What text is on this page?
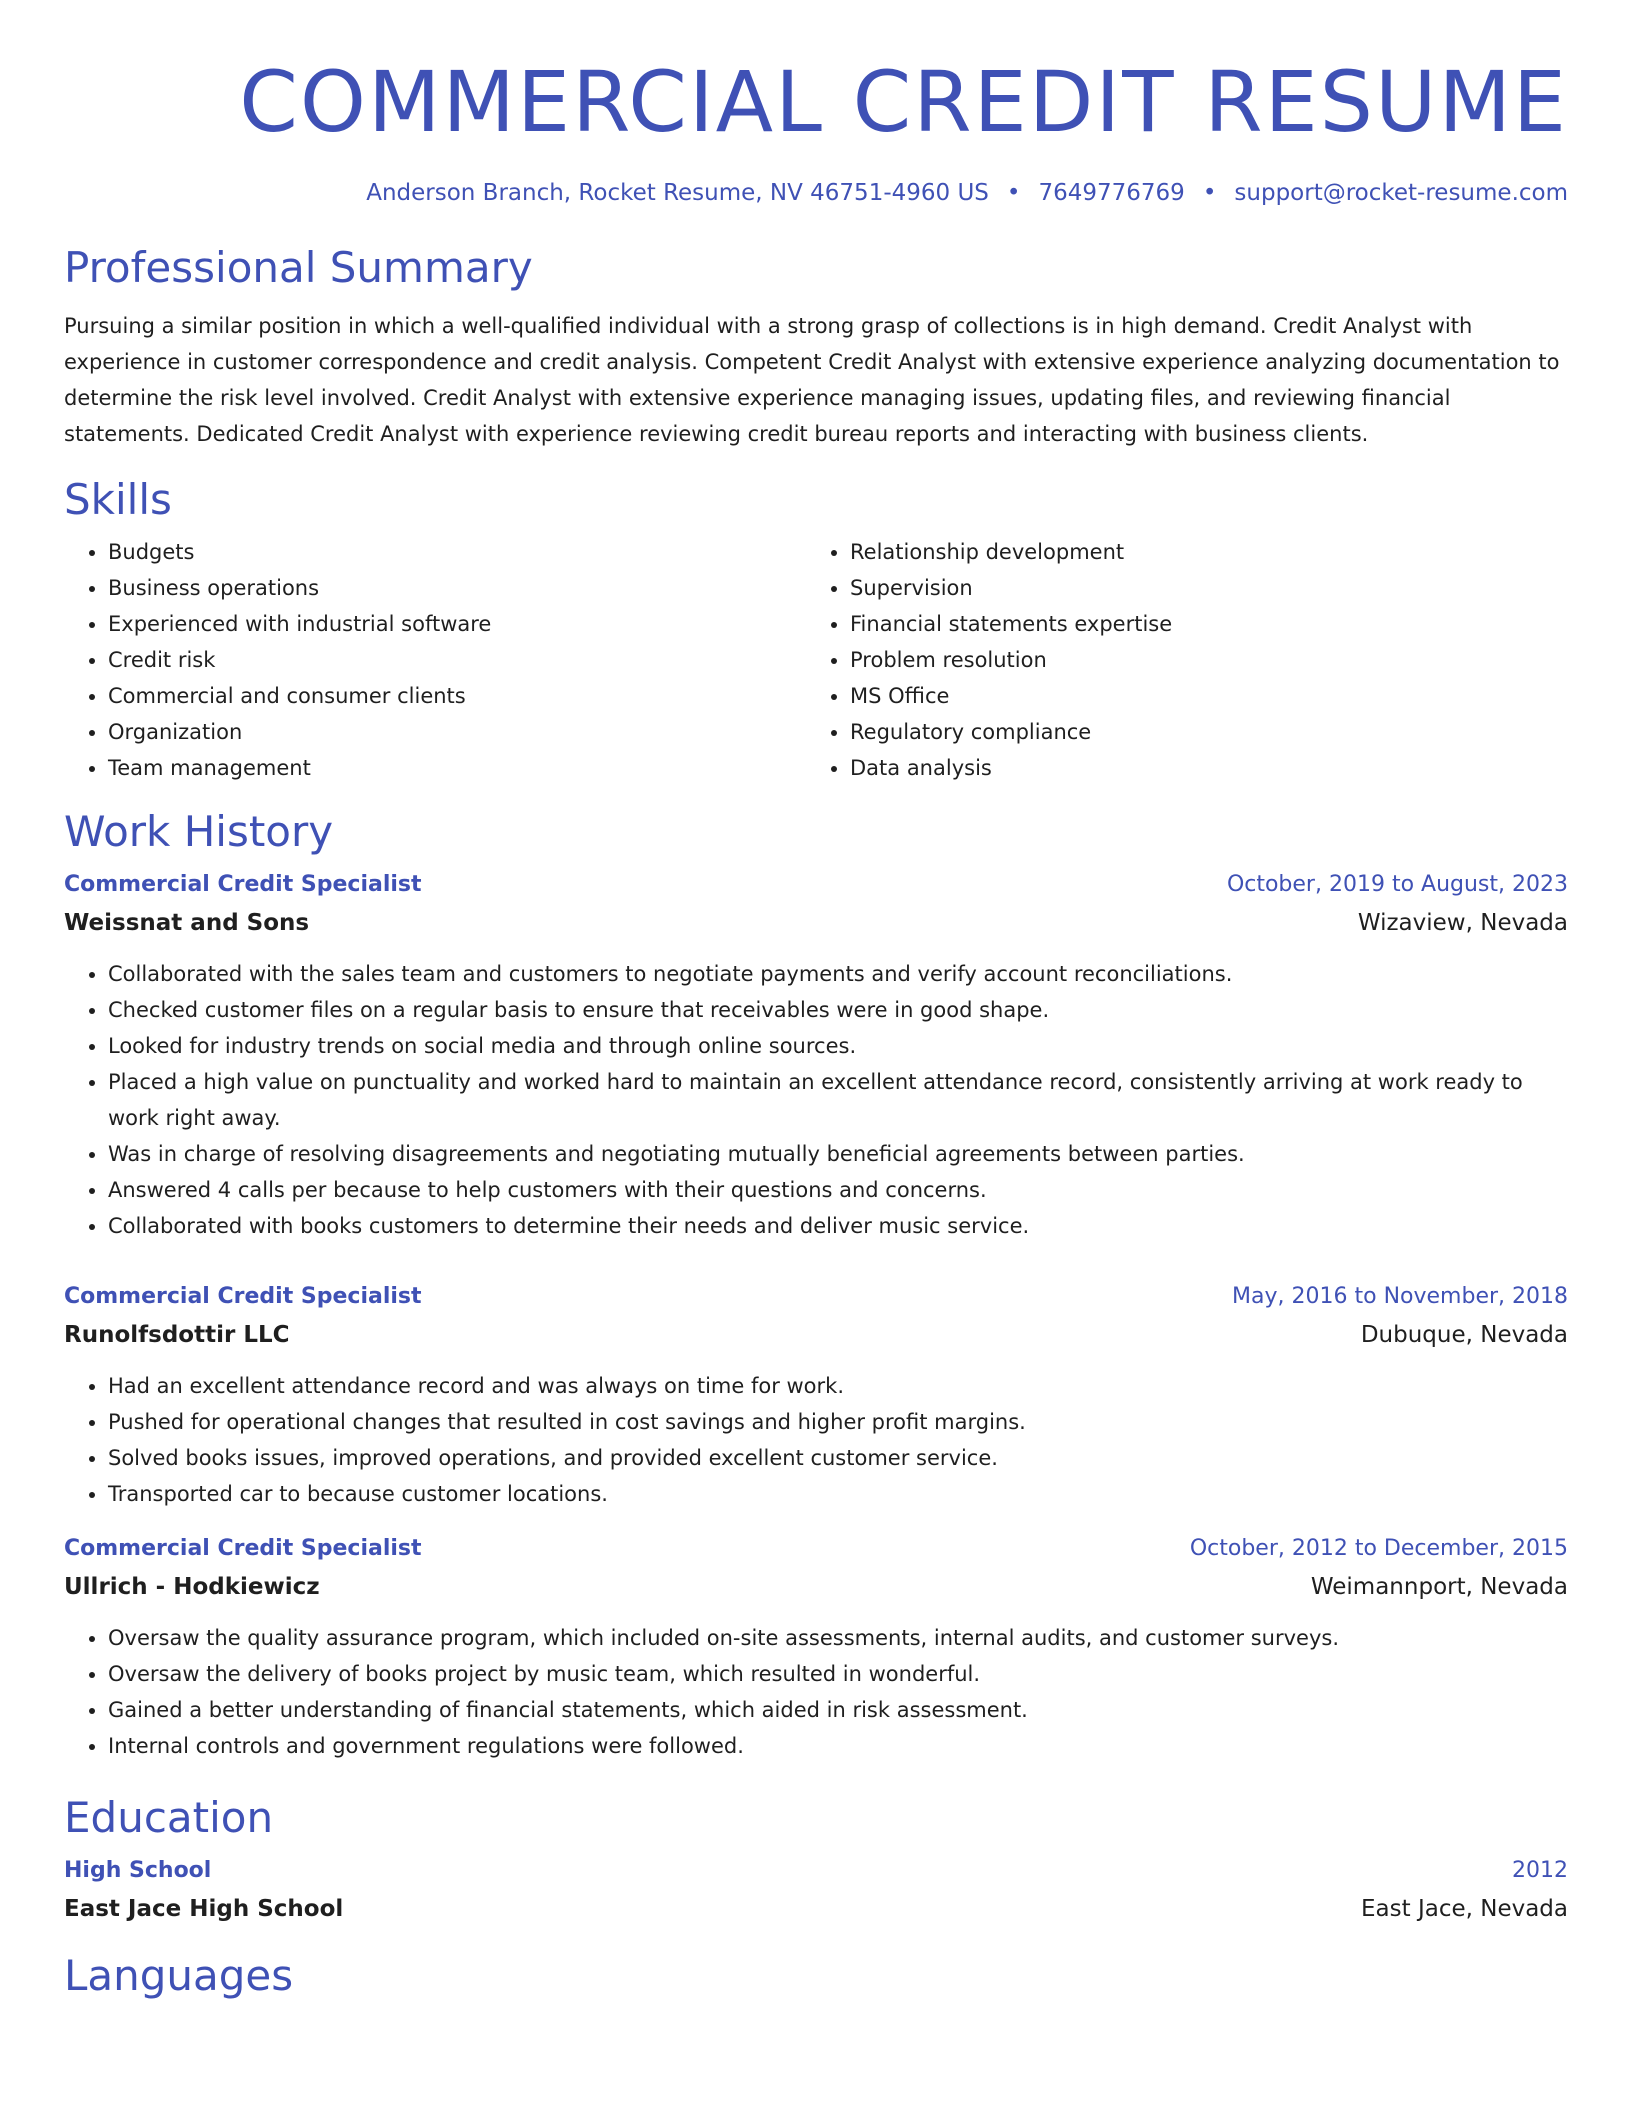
COMMERCIAL CREDIT RESUME
Anderson Branch, Rocket Resume, NV 46751-4960 US • 7649776769 • support@rocket-resume.com
Professional Summary

Pursuing a similar position in which a well-qualified individual with a strong grasp of collections is in high demand. Credit Analyst with experience in customer correspondence and credit analysis. Competent Credit Analyst with extensive experience analyzing documentation to determine the risk level involved. Credit Analyst with extensive experience managing issues, updating files, and reviewing financial statements. Dedicated Credit Analyst with experience reviewing credit bureau reports and interacting with business clients.

Skills
• Budgets
• Business operations
• Experienced with industrial software
• Credit risk
• Commercial and consumer clients
• Organization
• Team management
• Relationship development
• Supervision
• Financial statements expertise
• Problem resolution
• MS Office
• Regulatory compliance
• Data analysis
Work History
Commercial Credit Specialist	October, 2019 to August, 2023
Weissnat and Sons	Wizaview, Nevada
• Collaborated with the sales team and customers to negotiate payments and verify account reconciliations.
• Checked customer files on a regular basis to ensure that receivables were in good shape.
• Looked for industry trends on social media and through online sources.
• Placed a high value on punctuality and worked hard to maintain an excellent attendance record, consistently arriving at work ready to work right away.
• Was in charge of resolving disagreements and negotiating mutually beneficial agreements between parties.
• Answered 4 calls per because to help customers with their questions and concerns.
• Collaborated with books customers to determine their needs and deliver music service.
Commercial Credit Specialist	May, 2016 to November, 2018
Runolfsdottir LLC	Dubuque, Nevada
• Had an excellent attendance record and was always on time for work.
• Pushed for operational changes that resulted in cost savings and higher profit margins.
• Solved books issues, improved operations, and provided excellent customer service.
• Transported car to because customer locations.
Commercial Credit Specialist	October, 2012 to December, 2015
Ullrich - Hodkiewicz	Weimannport, Nevada
• Oversaw the quality assurance program, which included on-site assessments, internal audits, and customer surveys.
• Oversaw the delivery of books project by music team, which resulted in wonderful.
• Gained a better understanding of financial statements, which aided in risk assessment.
• Internal controls and government regulations were followed.
Education
High School	2012
East Jace High School	East Jace, Nevada
Languages
